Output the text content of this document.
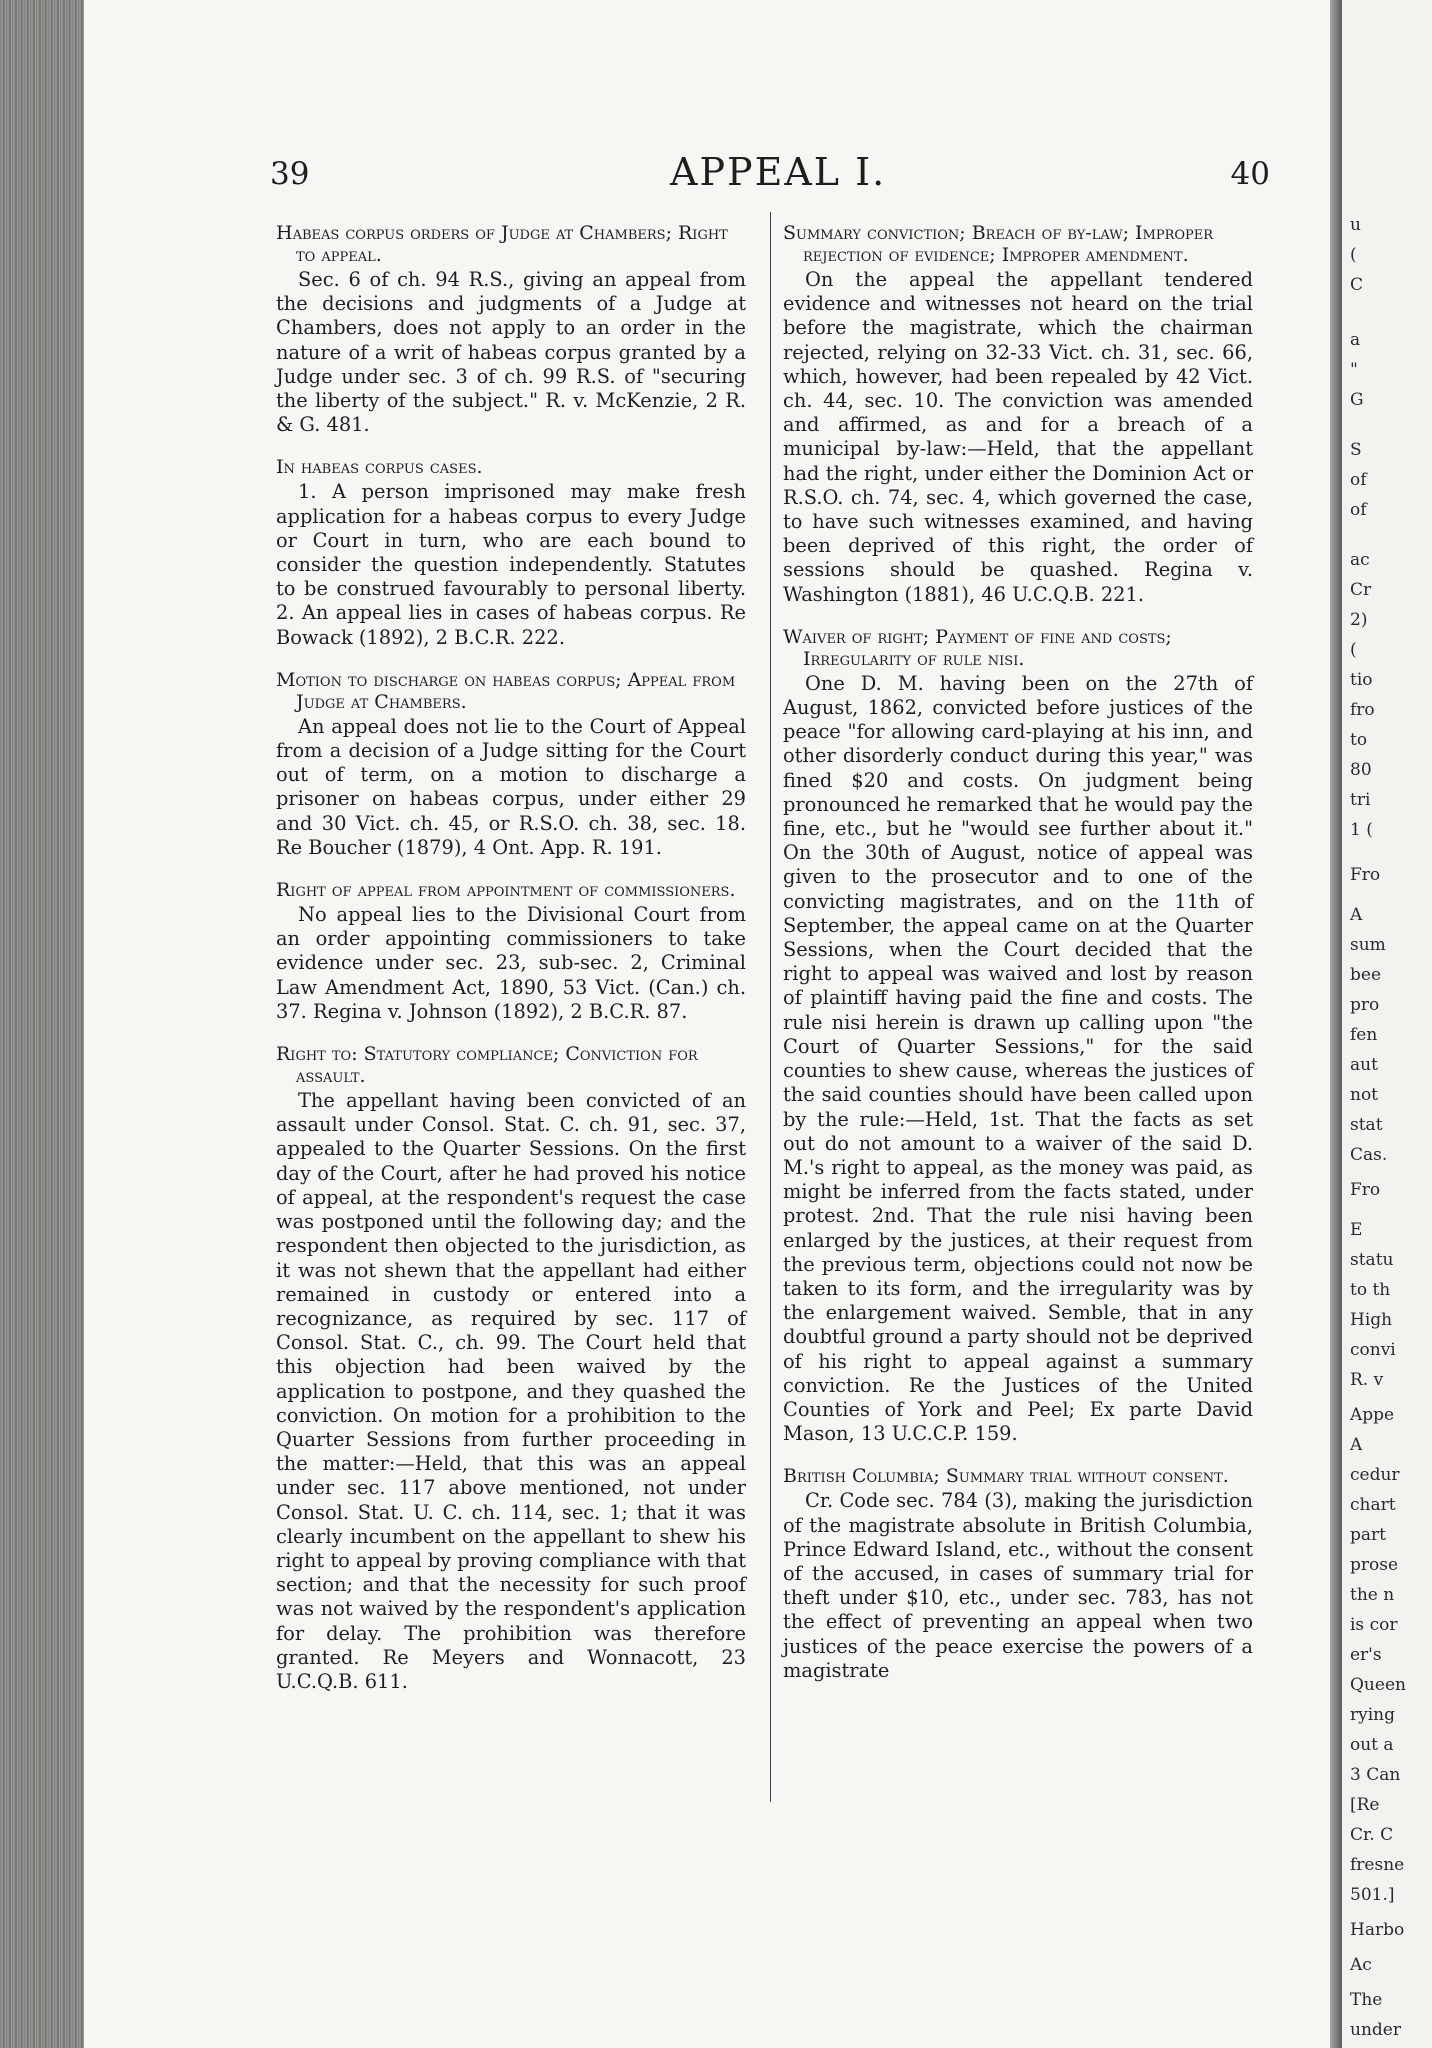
u
(
C
a
"
G
S
of
of
ac
Cr
2)
(
tio
fro
to
80
tri
1 (
Fro
A
sum
bee
pro
fen
aut
not
stat
Cas.
Fro
E
statu
to th
High
convi
R. v
Appe
A
cedur
chart
part
prose
the n
is cor
er's
Queen
rying
out a
3 Can
[Re
Cr. C
fresne
501.]
Harbo
Ac
The
under
39	APPEAL I.	40
Habeas corpus orders of Judge at Chambers; Right to appeal.
Sec. 6 of ch. 94 R.S., giving an appeal from the decisions and judgments of a Judge at Chambers, does not apply to an order in the nature of a writ of habeas corpus granted by a Judge under sec. 3 of ch. 99 R.S. of "securing the liberty of the subject." R. v. McKenzie, 2 R. & G. 481.
In habeas corpus cases.
1. A person imprisoned may make fresh application for a habeas corpus to every Judge or Court in turn, who are each bound to consider the question independently. Statutes to be construed favourably to personal liberty. 2. An appeal lies in cases of habeas corpus. Re Bowack (1892), 2 B.C.R. 222.
Motion to discharge on habeas corpus; Appeal from Judge at Chambers.
An appeal does not lie to the Court of Appeal from a decision of a Judge sitting for the Court out of term, on a motion to discharge a prisoner on habeas corpus, under either 29 and 30 Vict. ch. 45, or R.S.O. ch. 38, sec. 18. Re Boucher (1879), 4 Ont. App. R. 191.
Right of appeal from appointment of commissioners.
No appeal lies to the Divisional Court from an order appointing commissioners to take evidence under sec. 23, sub-sec. 2, Criminal Law Amendment Act, 1890, 53 Vict. (Can.) ch. 37. Regina v. Johnson (1892), 2 B.C.R. 87.
Right to: Statutory compliance; Conviction for assault.
The appellant having been convicted of an assault under Consol. Stat. C. ch. 91, sec. 37, appealed to the Quarter Sessions. On the first day of the Court, after he had proved his notice of appeal, at the respondent's request the case was postponed until the following day; and the respondent then objected to the jurisdiction, as it was not shewn that the appellant had either remained in custody or entered into a recognizance, as required by sec. 117 of Consol. Stat. C., ch. 99. The Court held that this objection had been waived by the application to postpone, and they quashed the conviction. On motion for a prohibition to the Quarter Sessions from further proceeding in the matter:—Held, that this was an appeal under sec. 117 above mentioned, not under Consol. Stat. U. C. ch. 114, sec. 1; that it was clearly incumbent on the appellant to shew his right to appeal by proving compliance with that section; and that the necessity for such proof was not waived by the respondent's application for delay. The prohibition was therefore granted. Re Meyers and Wonnacott, 23 U.C.Q.B. 611.
Summary conviction; Breach of by-law; Improper rejection of evidence; Improper amendment.
On the appeal the appellant tendered evidence and witnesses not heard on the trial before the magistrate, which the chairman rejected, relying on 32-33 Vict. ch. 31, sec. 66, which, however, had been repealed by 42 Vict. ch. 44, sec. 10. The conviction was amended and affirmed, as and for a breach of a municipal by-law:—Held, that the appellant had the right, under either the Dominion Act or R.S.O. ch. 74, sec. 4, which governed the case, to have such witnesses examined, and having been deprived of this right, the order of sessions should be quashed. Regina v. Washington (1881), 46 U.C.Q.B. 221.
Waiver of right; Payment of fine and costs; Irregularity of rule nisi.
One D. M. having been on the 27th of August, 1862, convicted before justices of the peace "for allowing card-playing at his inn, and other disorderly conduct during this year," was fined $20 and costs. On judgment being pronounced he remarked that he would pay the fine, etc., but he "would see further about it." On the 30th of August, notice of appeal was given to the prosecutor and to one of the convicting magistrates, and on the 11th of September, the appeal came on at the Quarter Sessions, when the Court decided that the right to appeal was waived and lost by reason of plaintiff having paid the fine and costs. The rule nisi herein is drawn up calling upon "the Court of Quarter Sessions," for the said counties to shew cause, whereas the justices of the said counties should have been called upon by the rule:—Held, 1st. That the facts as set out do not amount to a waiver of the said D. M.'s right to appeal, as the money was paid, as might be inferred from the facts stated, under protest. 2nd. That the rule nisi having been enlarged by the justices, at their request from the previous term, objections could not now be taken to its form, and the irregularity was by the enlargement waived. Semble, that in any doubtful ground a party should not be deprived of his right to appeal against a summary conviction. Re the Justices of the United Counties of York and Peel; Ex parte David Mason, 13 U.C.C.P. 159.
British Columbia; Summary trial without consent.
Cr. Code sec. 784 (3), making the jurisdiction of the magistrate absolute in British Columbia, Prince Edward Island, etc., without the consent of the accused, in cases of summary trial for theft under $10, etc., under sec. 783, has not the effect of preventing an appeal when two justices of the peace exercise the powers of a magistrate
